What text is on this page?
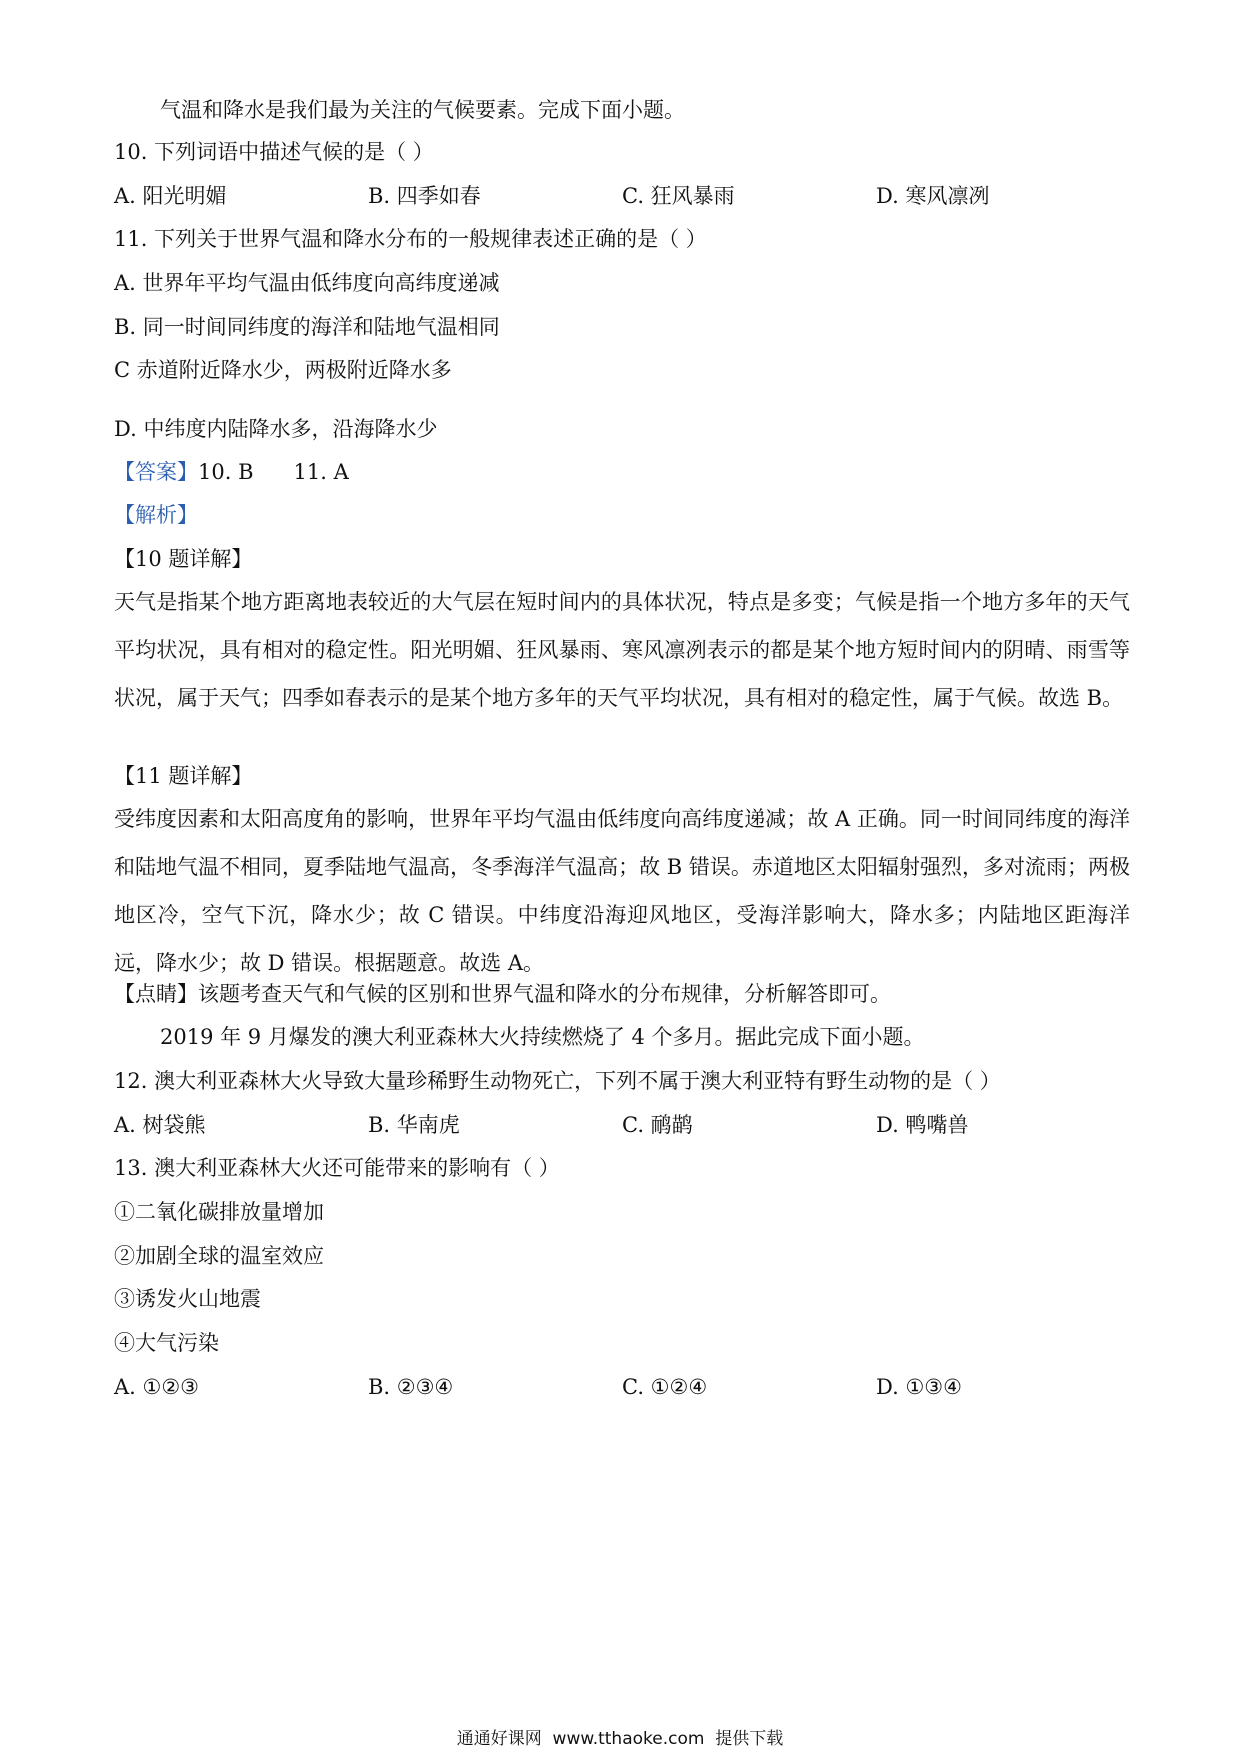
气温和降水是我们最为关注的气候要素。完成下面小题。
10. 下列词语中描述气候的是（ ）
A. 阳光明媚	B. 四季如春	C. 狂风暴雨	D. 寒风凛冽
11. 下列关于世界气温和降水分布的一般规律表述正确的是（ ）
A. 世界年平均气温由低纬度向高纬度递减
B. 同一时间同纬度的海洋和陆地气温相同
C 赤道附近降水少，两极附近降水多
D. 中纬度内陆降水多，沿海降水少
【答案】10. B      11. A
【解析】
【10 题详解】
天气是指某个地方距离地表较近的大气层在短时间内的具体状况，特点是多变；气候是指一个地方多年的天气平均状况，具有相对的稳定性。阳光明媚、狂风暴雨、寒风凛冽表示的都是某个地方短时间内的阴晴、雨雪等状况，属于天气；四季如春表示的是某个地方多年的天气平均状况，具有相对的稳定性，属于气候。故选 B。
【11 题详解】
受纬度因素和太阳高度角的影响，世界年平均气温由低纬度向高纬度递减；故 A 正确。同一时间同纬度的海洋和陆地气温不相同，夏季陆地气温高，冬季海洋气温高；故 B 错误。赤道地区太阳辐射强烈，多对流雨；两极地区冷，空气下沉，降水少；故 C 错误。中纬度沿海迎风地区，受海洋影响大，降水多；内陆地区距海洋远，降水少；故 D 错误。根据题意。故选 A。
【点睛】该题考查天气和气候的区别和世界气温和降水的分布规律，分析解答即可。
2019 年 9 月爆发的澳大利亚森林大火持续燃烧了 4 个多月。据此完成下面小题。
12. 澳大利亚森林大火导致大量珍稀野生动物死亡，下列不属于澳大利亚特有野生动物的是（ ）
A. 树袋熊	B. 华南虎	C. 鸸鹋	D. 鸭嘴兽
13. 澳大利亚森林大火还可能带来的影响有（ ）
①二氧化碳排放量增加
②加剧全球的温室效应
③诱发火山地震
④大气污染
A. ①②③	B. ②③④	C. ①②④	D. ①③④
通通好课网  www.tthaoke.com  提供下载
